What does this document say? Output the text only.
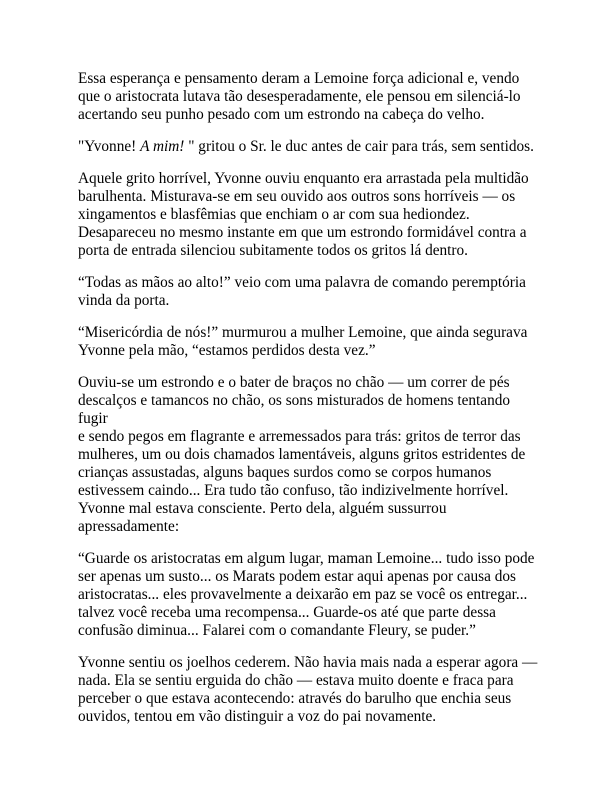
Essa esperança e pensamento deram a Lemoine força adicional e, vendo
que o aristocrata lutava tão desesperadamente, ele pensou em silenciá-lo
acertando seu punho pesado com um estrondo na cabeça do velho.

"Yvonne! A mim! " gritou o Sr. le duc antes de cair para trás, sem sentidos.

Aquele grito horrível, Yvonne ouviu enquanto era arrastada pela multidão
barulhenta. Misturava-se em seu ouvido aos outros sons horríveis — os
xingamentos e blasfêmias que enchiam o ar com sua hediondez.
Desapareceu no mesmo instante em que um estrondo formidável contra a
porta de entrada silenciou subitamente todos os gritos lá dentro.

“Todas as mãos ao alto!” veio com uma palavra de comando peremptória
vinda da porta.

“Misericórdia de nós!” murmurou a mulher Lemoine, que ainda segurava
Yvonne pela mão, “estamos perdidos desta vez.”

Ouviu-se um estrondo e o bater de braços no chão — um correr de pés
descalços e tamancos no chão, os sons misturados de homens tentando fugir
e sendo pegos em flagrante e arremessados para trás: gritos de terror das
mulheres, um ou dois chamados lamentáveis, alguns gritos estridentes de
crianças assustadas, alguns baques surdos como se corpos humanos
estivessem caindo... Era tudo tão confuso, tão indizivelmente horrível.
Yvonne mal estava consciente. Perto dela, alguém sussurrou
apressadamente:

“Guarde os aristocratas em algum lugar, maman Lemoine... tudo isso pode
ser apenas um susto... os Marats podem estar aqui apenas por causa dos
aristocratas... eles provavelmente a deixarão em paz se você os entregar...
talvez você receba uma recompensa... Guarde-os até que parte dessa
confusão diminua... Falarei com o comandante Fleury, se puder.”

Yvonne sentiu os joelhos cederem. Não havia mais nada a esperar agora —
nada. Ela se sentiu erguida do chão — estava muito doente e fraca para
perceber o que estava acontecendo: através do barulho que enchia seus
ouvidos, tentou em vão distinguir a voz do pai novamente.
